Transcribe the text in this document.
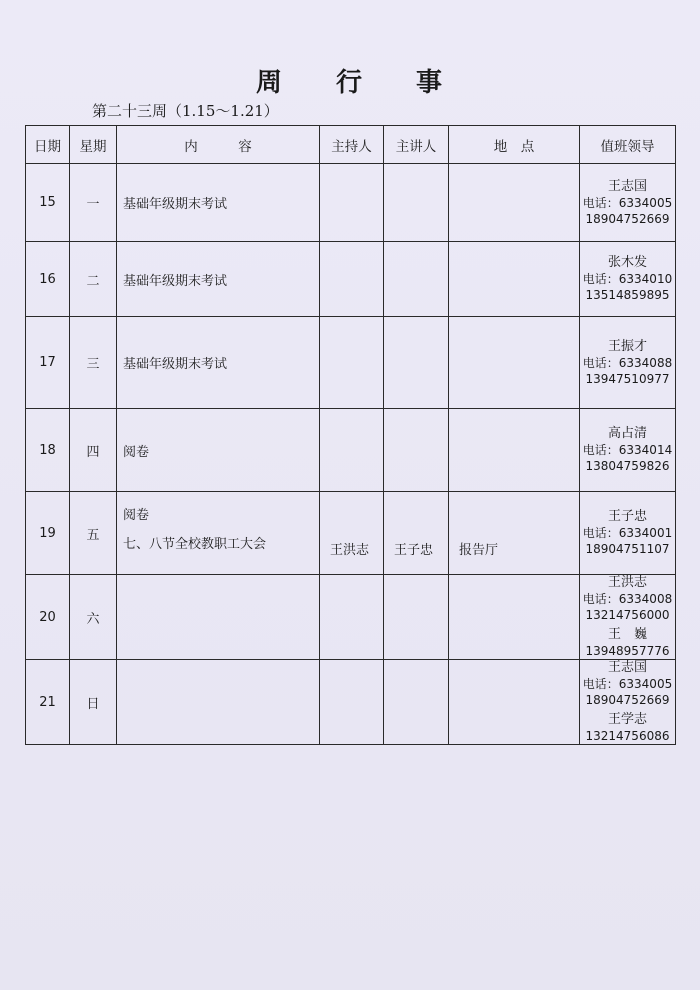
周 行 事
第二十三周（1.15～1.21）
日期	星期	内　　　容	主持人	主讲人	地　点	值班领导
15	一	基础年级期末考试				王志国
电话：6334005
18904752669

16	二	基础年级期末考试				张木发
电话：6334010
13514859895

17	三	基础年级期末考试				王振才
电话：6334088
13947510977

18	四	阅卷				高占清
电话：6334014
13804759826

19	五	阅卷
七、八节全校教职工大会	王洪志	王子忠	报告厅	王子忠
电话：6334001
18904751107

20	六					王洪志
电话：6334008
13214756000
王　巍
13948957776

21	日					王志国
电话：6334005
18904752669
王学志
13214756086
